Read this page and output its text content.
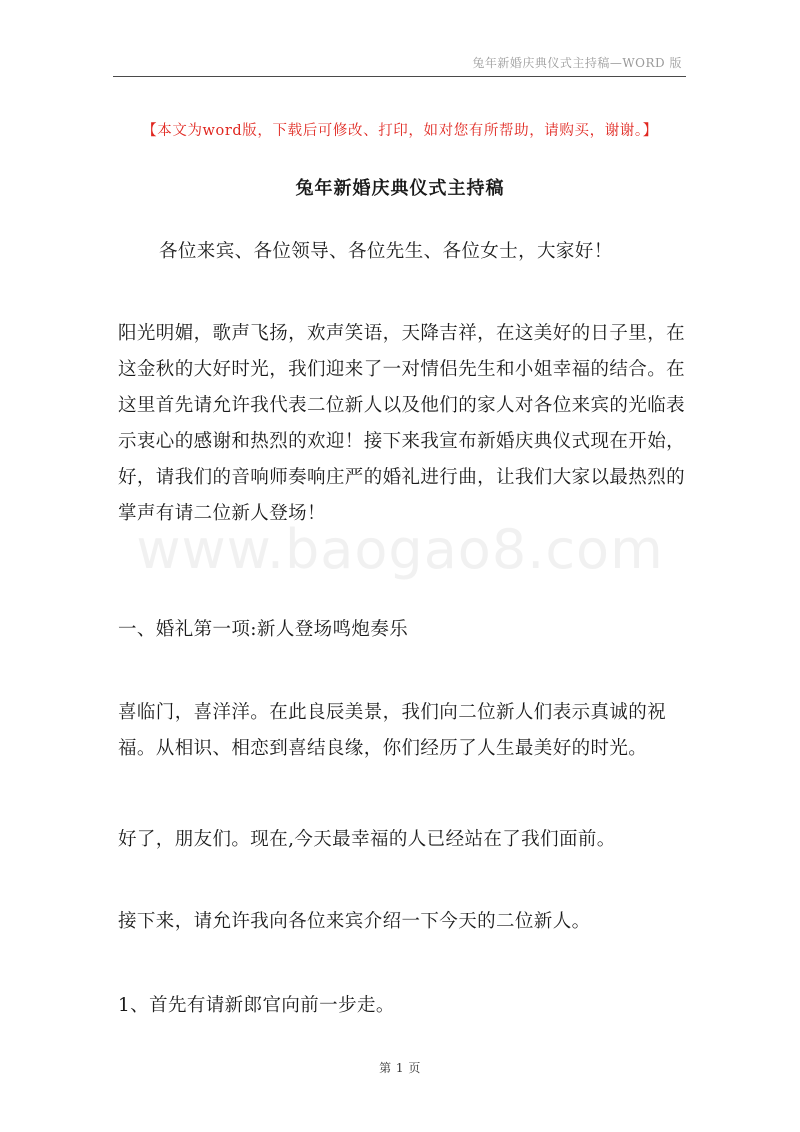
兔年新婚庆典仪式主持稿—WORD 版
【本文为word版，下载后可修改、打印，如对您有所帮助，请购买，谢谢。】
兔年新婚庆典仪式主持稿

各位来宾、各位领导、各位先生、各位女士，大家好！

阳光明媚，歌声飞扬，欢声笑语，天降吉祥，在这美好的日子里，在这金秋的大好时光，我们迎来了一对情侣先生和小姐幸福的结合。在这里首先请允许我代表二位新人以及他们的家人对各位来宾的光临表示衷心的感谢和热烈的欢迎！接下来我宣布新婚庆典仪式现在开始，好，请我们的音响师奏响庄严的婚礼进行曲，让我们大家以最热烈的掌声有请二位新人登场！

www.baogao8.com

一、婚礼第一项:新人登场鸣炮奏乐

喜临门，喜洋洋。在此良辰美景，我们向二位新人们表示真诚的祝福。从相识、相恋到喜结良缘，你们经历了人生最美好的时光。

好了，朋友们。现在,今天最幸福的人已经站在了我们面前。

接下来，请允许我向各位来宾介绍一下今天的二位新人。

1、首先有请新郎官向前一步走。

第 1 页
